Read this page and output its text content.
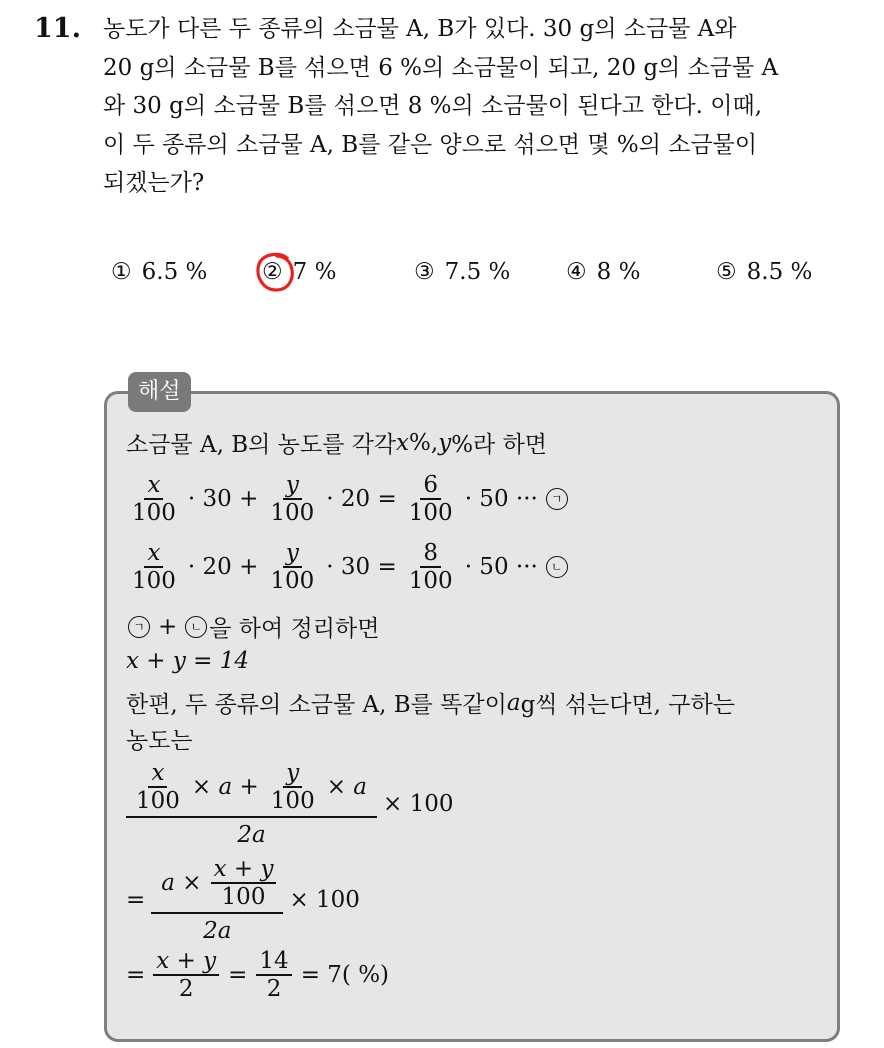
11. 농도가 다른 두 종류의 소금물 A, B가 있다. 30 g의 소금물 A와
20 g의 소금물 B를 섞으면 6 %의 소금물이 되고, 20 g의 소금물 A
와 30 g의 소금물 B를 섞으면 8 %의 소금물이 된다고 한다. 이때,
이 두 종류의 소금물 A, B를 같은 양으로 섞으면 몇 %의 소금물이
되겠는가?
① 6.5 % ② 7 %	③ 7.5 % ④ 8 %	⑤ 8.5 %
해설
소금물 A, B의 농도를 각각 x %, y %라 하면
$\frac{x}{100} \cdot 30 + \frac{y}{100} \cdot 20 = \frac{6}{100} \cdot 50$ ···	ㄱ
$\frac{x}{100} \cdot 20 + \frac{y}{100} \cdot 30 = \frac{8}{100} \cdot 50$ ···	ㄴ
ㄱ +	ㄴ 을 하여 정리하면
x + y = 14
한편, 두 종류의 소금물 A, B를 똑같이 a g씩 섞는다면, 구하는
농도는
$\frac{x}{100} \times a + \frac{y}{100} \times a$
2a
× 100
= $\frac{a \times \frac{x + y}{100}}{2a} \times 100$
= $\frac{x + y}{2} = \frac{14}{2} = 7$( %)
